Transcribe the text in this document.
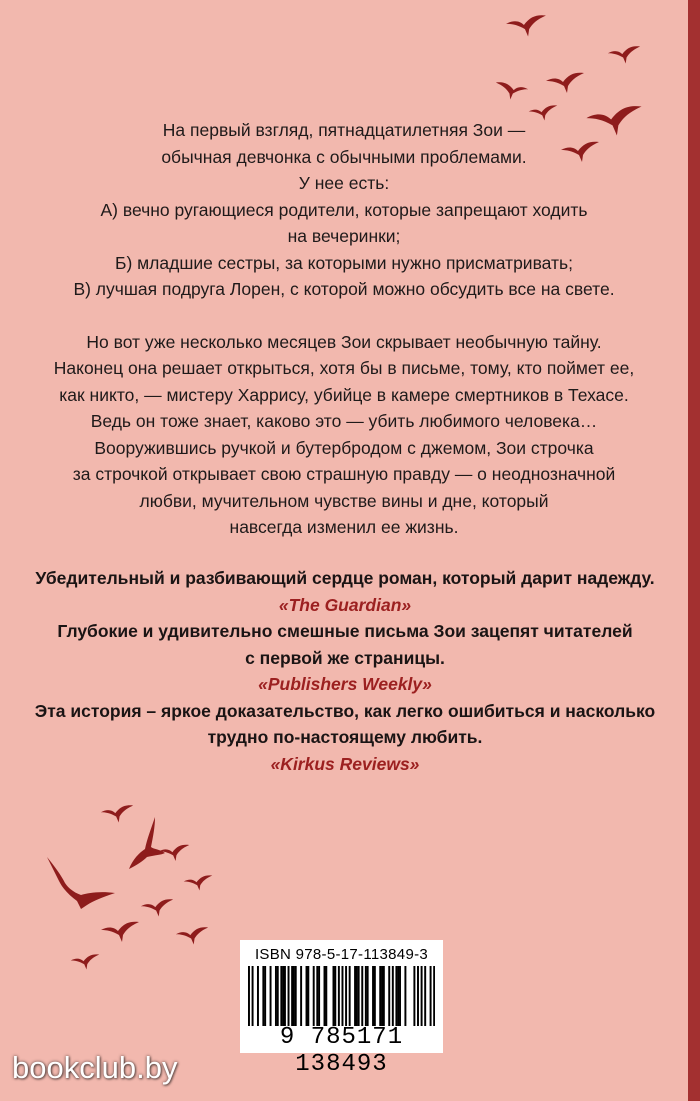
На первый взгляд, пятнадцатилетняя Зои —

обычная девчонка с обычными проблемами.

У нее есть:

А) вечно ругающиеся родители, которые запрещают ходить

на вечеринки;

Б) младшие сестры, за которыми нужно присматривать;

В) лучшая подруга Лорен, с которой можно обсудить все на свете.

Но вот уже несколько месяцев Зои скрывает необычную тайну.

Наконец она решает открыться, хотя бы в письме, тому, кто поймет ее,

как никто, — мистеру Харрису, убийце в камере смертников в Техасе.

Ведь он тоже знает, каково это — убить любимого человека…

Вооружившись ручкой и бутербродом с джемом, Зои строчка

за строчкой открывает свою страшную правду — о неоднозначной

любви, мучительном чувстве вины и дне, который

навсегда изменил ее жизнь.

Убедительный и разбивающий сердце роман, который дарит надежду.

«The Guardian»

Глубокие и удивительно смешные письма Зои зацепят читателей

с первой же страницы.

«Publishers Weekly»

Эта история – яркое доказательство, как легко ошибиться и насколько

трудно по-настоящему любить.

«Kirkus Reviews»

ISBN 978-5-17-113849-3
9 785171 138493
bookclub.by
